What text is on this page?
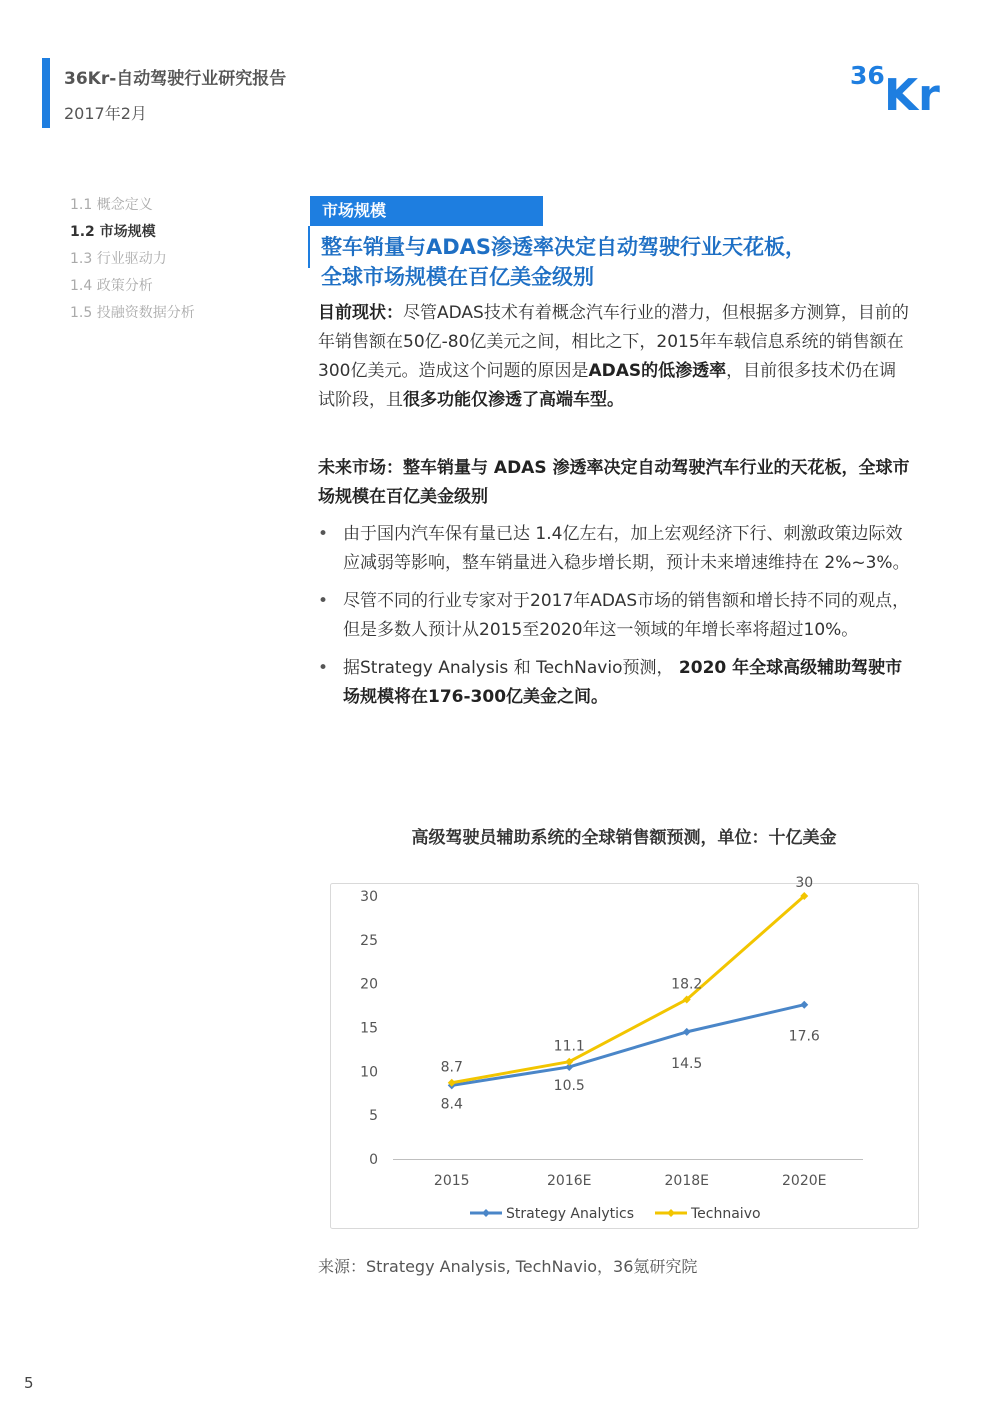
36Kr-自动驾驶行业研究报告
2017年2月
36 Kr
1.1 概念定义
1.2 市场规模
1.3 行业驱动力
1.4 政策分析
1.5 投融资数据分析
市场规模
整车销量与ADAS渗透率决定自动驾驶行业天花板，
全球市场规模在百亿美金级别
目前现状：尽管ADAS技术有着概念汽车行业的潜力，但根据多方测算，目前的年销售额在50亿-80亿美元之间，相比之下，2015年车载信息系统的销售额在300亿美元。造成这个问题的原因是ADAS的低渗透率，目前很多技术仍在调试阶段，且很多功能仅渗透了高端车型。
未来市场：整车销量与 ADAS 渗透率决定自动驾驶汽车行业的天花板，全球市场规模在百亿美金级别
• 由于国内汽车保有量已达 1.4亿左右，加上宏观经济下行、刺激政策边际效应减弱等影响，整车销量进入稳步增长期，预计未来增速维持在 2%~3%。
• 尽管不同的行业专家对于2017年ADAS市场的销售额和增长持不同的观点，但是多数人预计从2015至2020年这一领域的年增长率将超过10%。
• 据Strategy Analysis 和 TechNavio预测， 2020 年全球高级辅助驾驶市场规模将在176-300亿美金之间。
高级驾驶员辅助系统的全球销售额预测，单位：十亿美金
0
5
10
15
20
25
30
2015	2016E	2018E	2020E
8.4
10.5
14.5
17.6
8.7
11.1
18.2
30
Strategy Analytics	Technaivo
来源：Strategy Analysis, TechNavio，36氪研究院
5
